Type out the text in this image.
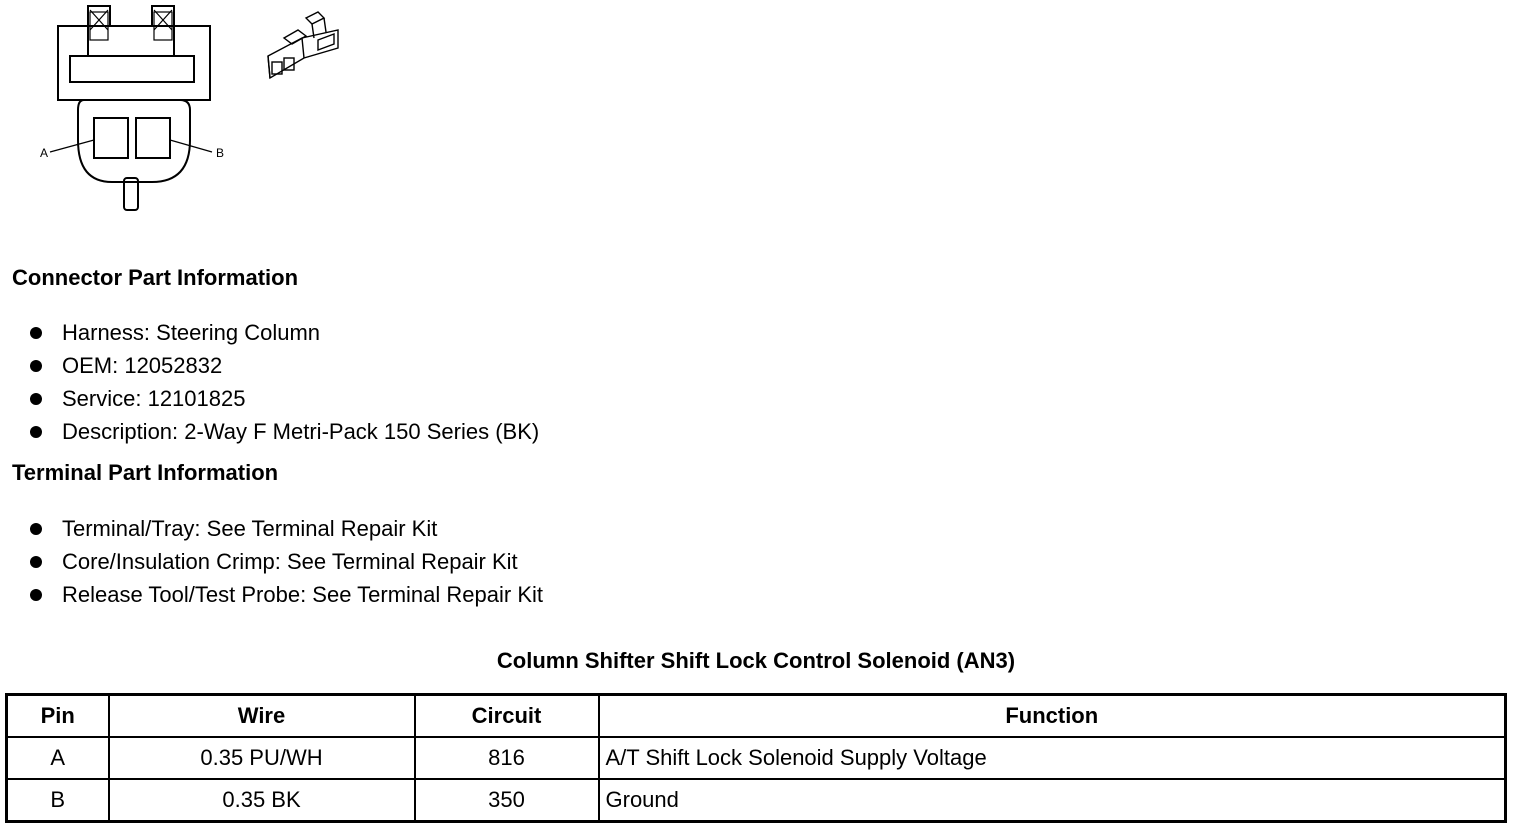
A	B
Connector Part Information
Harness: Steering Column
OEM: 12052832
Service: 12101825
Description: 2-Way F Metri-Pack 150 Series (BK)
Terminal Part Information
Terminal/Tray: See Terminal Repair Kit
Core/Insulation Crimp: See Terminal Repair Kit
Release Tool/Test Probe: See Terminal Repair Kit
Column Shifter Shift Lock Control Solenoid (AN3)
Pin	Wire	Circuit	Function
A	0.35 PU/WH	816	A/T Shift Lock Solenoid Supply Voltage
B	0.35 BK	350	Ground
